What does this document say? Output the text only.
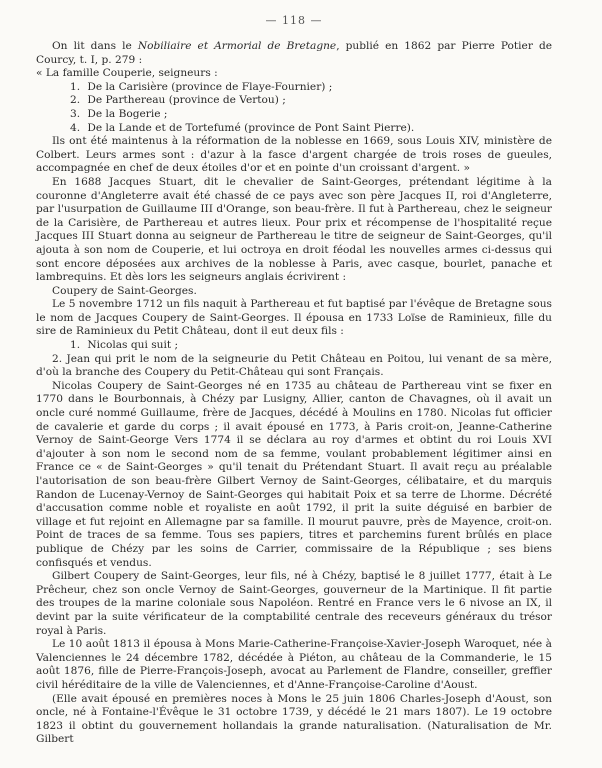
— 118 —

On lit dans le Nobiliaire et Armorial de Bretagne, publié en 1862 par Pierre Potier de Courcy, t. I, p. 279 :

« La famille Couperie, seigneurs :

1. De la Carisière (province de Flaye-Fournier) ;
2. De Parthereau (province de Vertou) ;
3. De la Bogerie ;
4. De la Lande et de Tortefumé (province de Pont Saint Pierre).

Ils ont été maintenus à la réformation de la noblesse en 1669, sous Louis XIV, ministère de Colbert. Leurs armes sont : d'azur à la fasce d'argent chargée de trois roses de gueules, accompagnée en chef de deux étoiles d'or et en pointe d'un croissant d'argent. »

En 1688 Jacques Stuart, dit le chevalier de Saint-Georges, prétendant légitime à la couronne d'Angleterre avait été chassé de ce pays avec son père Jacques II, roi d'Angleterre, par l'usurpation de Guillaume III d'Orange, son beau-frère. Il fut à Parthereau, chez le seigneur de la Carisière, de Parthereau et autres lieux. Pour prix et récompense de l'hospitalité reçue Jacques III Stuart donna au seigneur de Parthereau le titre de seigneur de Saint-Georges, qu'il ajouta à son nom de Couperie, et lui octroya en droit féodal les nouvelles armes ci-dessus qui sont encore déposées aux archives de la noblesse à Paris, avec casque, bourlet, panache et lambrequins. Et dès lors les seigneurs anglais écrivirent :

Coupery de Saint-Georges.

Le 5 novembre 1712 un fils naquit à Parthereau et fut baptisé par l'évêque de Bretagne sous le nom de Jacques Coupery de Saint-Georges. Il épousa en 1733 Loïse de Raminieux, fille du sire de Raminieux du Petit Château, dont il eut deux fils :

1. Nicolas qui suit ;
2. Jean qui prit le nom de la seigneurie du Petit Château en Poitou, lui venant de sa mère, d'où la branche des Coupery du Petit-Château qui sont Français.

Nicolas Coupery de Saint-Georges né en 1735 au château de Parthereau vint se fixer en 1770 dans le Bourbonnais, à Chézy par Lusigny, Allier, canton de Chavagnes, où il avait un oncle curé nommé Guillaume, frère de Jacques, décédé à Moulins en 1780. Nicolas fut officier de cavalerie et garde du corps ; il avait épousé en 1773, à Paris croit-on, Jeanne-Catherine Vernoy de Saint-George Vers 1774 il se déclara au roy d'armes et obtint du roi Louis XVI d'ajouter à son nom le second nom de sa femme, voulant probablement légitimer ainsi en France ce « de Saint-Georges » qu'il tenait du Prétendant Stuart. Il avait reçu au préalable l'autorisation de son beau-frère Gilbert Vernoy de Saint-Georges, célibataire, et du marquis Randon de Lucenay-Vernoy de Saint-Georges qui habitait Poix et sa terre de Lhorme. Décrété d'accusation comme noble et royaliste en août 1792, il prit la suite déguisé en barbier de village et fut rejoint en Allemagne par sa famille. Il mourut pauvre, près de Mayence, croit-on. Point de traces de sa femme. Tous ses papiers, titres et parchemins furent brûlés en place publique de Chézy par les soins de Carrier, commissaire de la République ; ses biens confisqués et vendus.

Gilbert Coupery de Saint-Georges, leur fils, né à Chézy, baptisé le 8 juillet 1777, était à Le Prêcheur, chez son oncle Vernoy de Saint-Georges, gouverneur de la Martinique. Il fit partie des troupes de la marine coloniale sous Napoléon. Rentré en France vers le 6 nivose an IX, il devint par la suite vérificateur de la comptabilité centrale des receveurs généraux du trésor royal à Paris.

Le 10 août 1813 il épousa à Mons Marie-Catherine-Françoise-Xavier-Joseph Waroquet, née à Valenciennes le 24 décembre 1782, décédée à Piéton, au château de la Commanderie, le 15 août 1876, fille de Pierre-François-Joseph, avocat au Parlement de Flandre, conseiller, greffier civil héréditaire de la ville de Valenciennes, et d'Anne-Françoise-Caroline d'Aoust.

(Elle avait épousé en premières noces à Mons le 25 juin 1806 Charles-Joseph d'Aoust, son oncle, né à Fontaine-l'Évêque le 31 octobre 1739, y décédé le 21 mars 1807). Le 19 octobre 1823 il obtint du gouvernement hollandais la grande naturalisation. (Naturalisation de Mr. Gilbert
